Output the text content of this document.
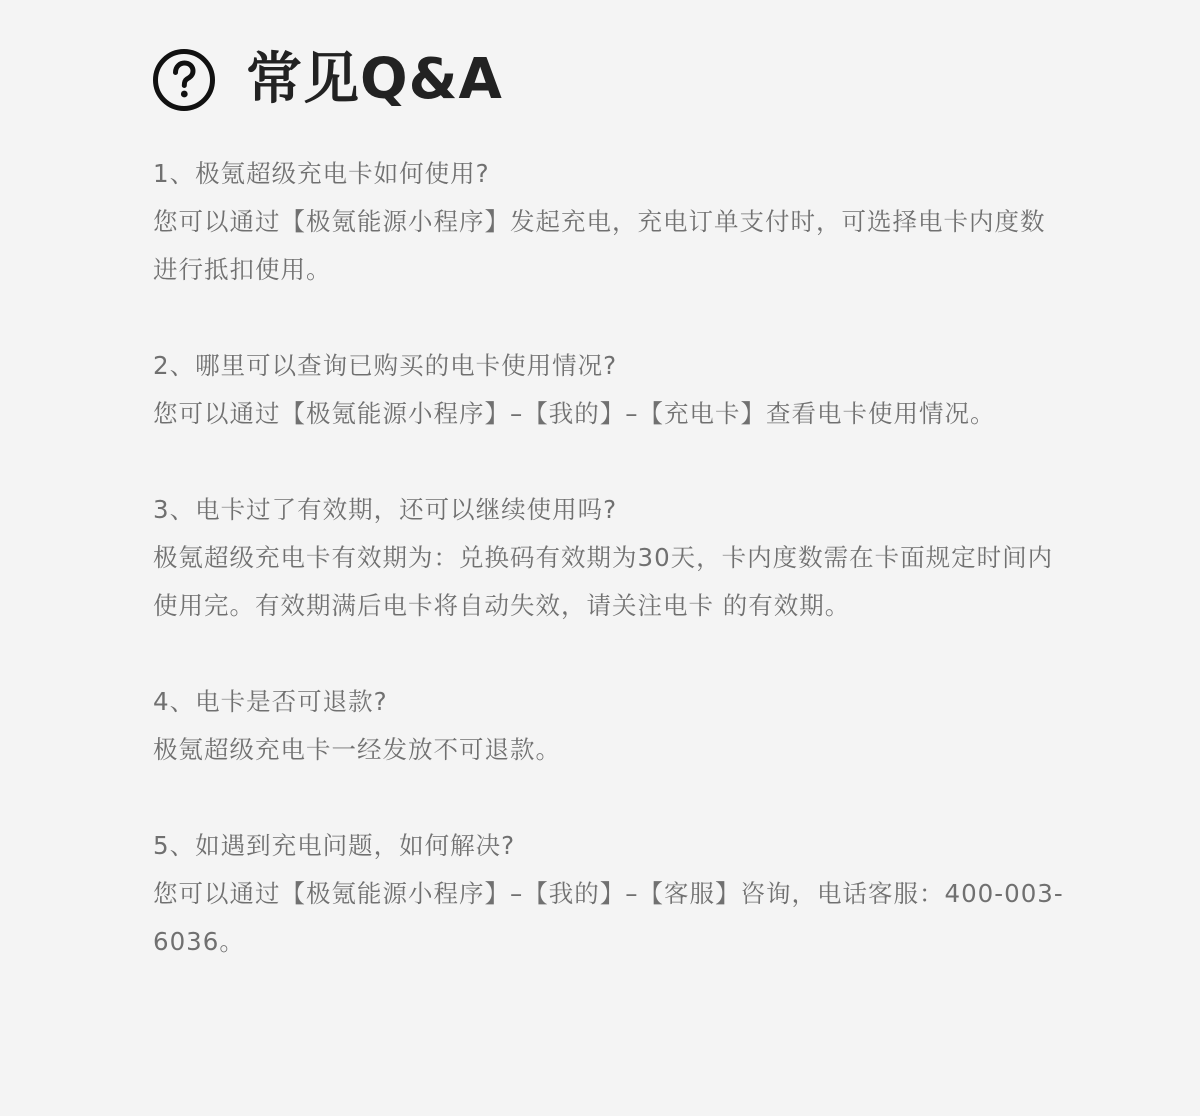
常见Q&A
1、极氪超级充电卡如何使用?
您可以通过【极氪能源小程序】发起充电，充电订单支付时，可选择电卡内度数进行抵扣使用。
2、哪里可以查询已购买的电卡使用情况?
您可以通过【极氪能源小程序】–【我的】–【充电卡】查看电卡使用情况。
3、电卡过了有效期，还可以继续使用吗?
极氪超级充电卡有效期为：兑换码有效期为30天，卡内度数需在卡面规定时间内使用完。有效期满后电卡将自动失效，请关注电卡 的有效期。
4、电卡是否可退款?
极氪超级充电卡一经发放不可退款。
5、如遇到充电问题，如何解决?
您可以通过【极氪能源小程序】–【我的】–【客服】咨询，电话客服：400-003-6036。
